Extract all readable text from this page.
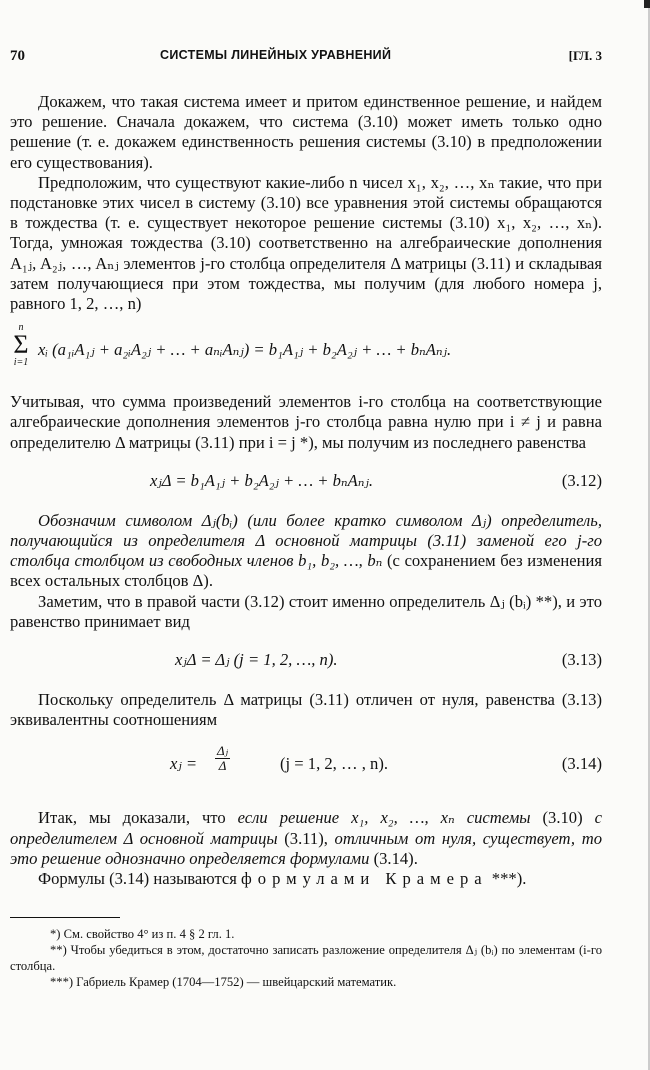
70	СИСТЕМЫ ЛИНЕЙНЫХ УРАВНЕНИЙ	[ГЛ. 3

Докажем, что такая система имеет и притом единственное решение, и найдем это решение. Сначала докажем, что система (3.10) может иметь только одно решение (т. е. докажем единственность решения системы (3.10) в предположении его существования).

Предположим, что существуют какие-либо n чисел x₁, x₂, …, xₙ такие, что при подстановке этих чисел в систему (3.10) все уравнения этой системы обращаются в тождества (т. е. существует некоторое решение системы (3.10) x₁, x₂, …, xₙ). Тогда, умножая тождества (3.10) соответственно на алгебраические дополнения A₁ⱼ, A₂ⱼ, …, Aₙⱼ элементов j-го столбца определителя Δ матрицы (3.11) и складывая затем получающиеся при этом тождества, мы получим (для любого номера j, равного 1, 2, …, n)

n
Σ
i=1
xᵢ (a₁ᵢA₁ⱼ + a₂ᵢA₂ⱼ + … + aₙᵢAₙⱼ) = b₁A₁ⱼ + b₂A₂ⱼ + … + bₙAₙⱼ.

Учитывая, что сумма произведений элементов i-го столбца на соответствующие алгебраические дополнения элементов j-го столбца равна нулю при i ≠ j и равна определителю Δ матрицы (3.11) при i = j *), мы получим из последнего равенства

xⱼΔ = b₁A₁ⱼ + b₂A₂ⱼ + … + bₙAₙⱼ.	(3.12)

Обозначим символом Δⱼ(bᵢ) (или более кратко символом Δⱼ) определитель, получающийся из определителя Δ основной матрицы (3.11) заменой его j-го столбца столбцом из свободных членов b₁, b₂, …, bₙ (с сохранением без изменения всех остальных столбцов Δ).

Заметим, что в правой части (3.12) стоит именно определитель Δⱼ (bᵢ) **), и это равенство принимает вид

xⱼΔ = Δⱼ (j = 1, 2, …, n).	(3.13)

Поскольку определитель Δ матрицы (3.11) отличен от нуля, равенства (3.13) эквивалентны соотношениям

xⱼ = $\frac{\text{Δⱼ}}{\Delta}$	(j = 1, 2, … , n).	(3.14)

Итак, мы доказали, что если решение x₁, x₂, …, xₙ системы (3.10) с определителем Δ основной матрицы (3.11), отличным от нуля, существует, то это решение однозначно определяется формулами (3.14).

Формулы (3.14) называются формулами Крамера ***).

*) См. свойство 4° из п. 4 § 2 гл. 1.

**) Чтобы убедиться в этом, достаточно записать разложение определителя Δⱼ (bᵢ) по элементам (i-го столбца.

***) Габриель Крамер (1704—1752) — швейцарский математик.
